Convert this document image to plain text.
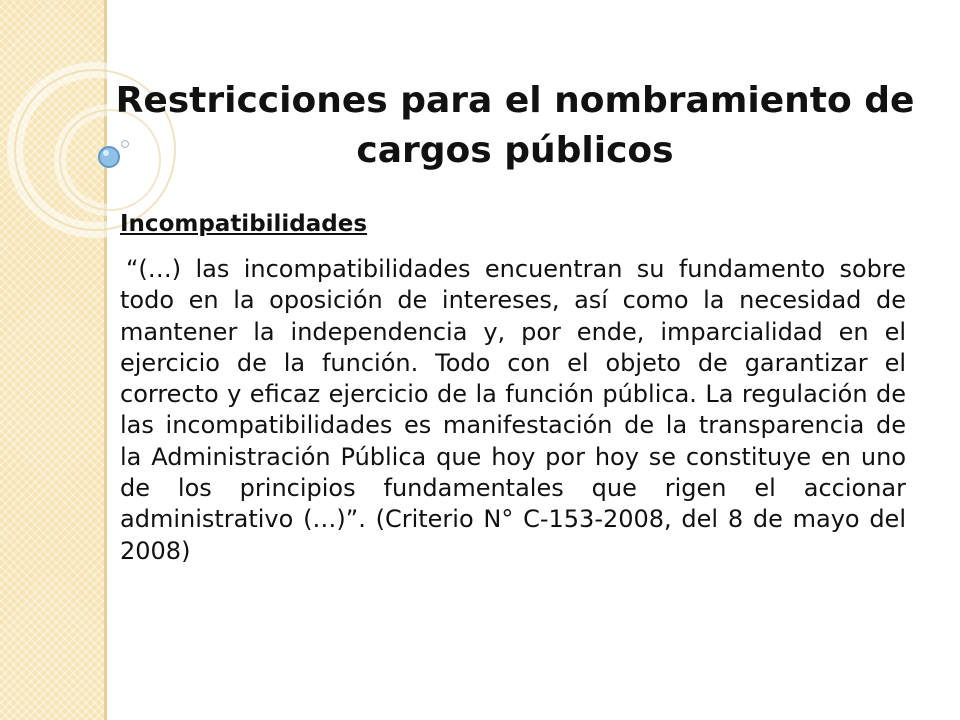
Restricciones para el nombramiento de cargos públicos
Incompatibilidades

“(…) las incompatibilidades encuentran su fundamento sobre todo en la oposición de intereses, así como la necesidad de mantener la independencia y, por ende, imparcialidad en el ejercicio de la función. Todo con el objeto de garantizar el correcto y eficaz ejercicio de la función pública. La regulación de las incompatibilidades es manifestación de la transparencia de la Administración Pública que hoy por hoy se constituye en uno de los principios fundamentales que rigen el accionar administrativo (…)”. (Criterio N° C-153-2008, del 8 de mayo del 2008)
